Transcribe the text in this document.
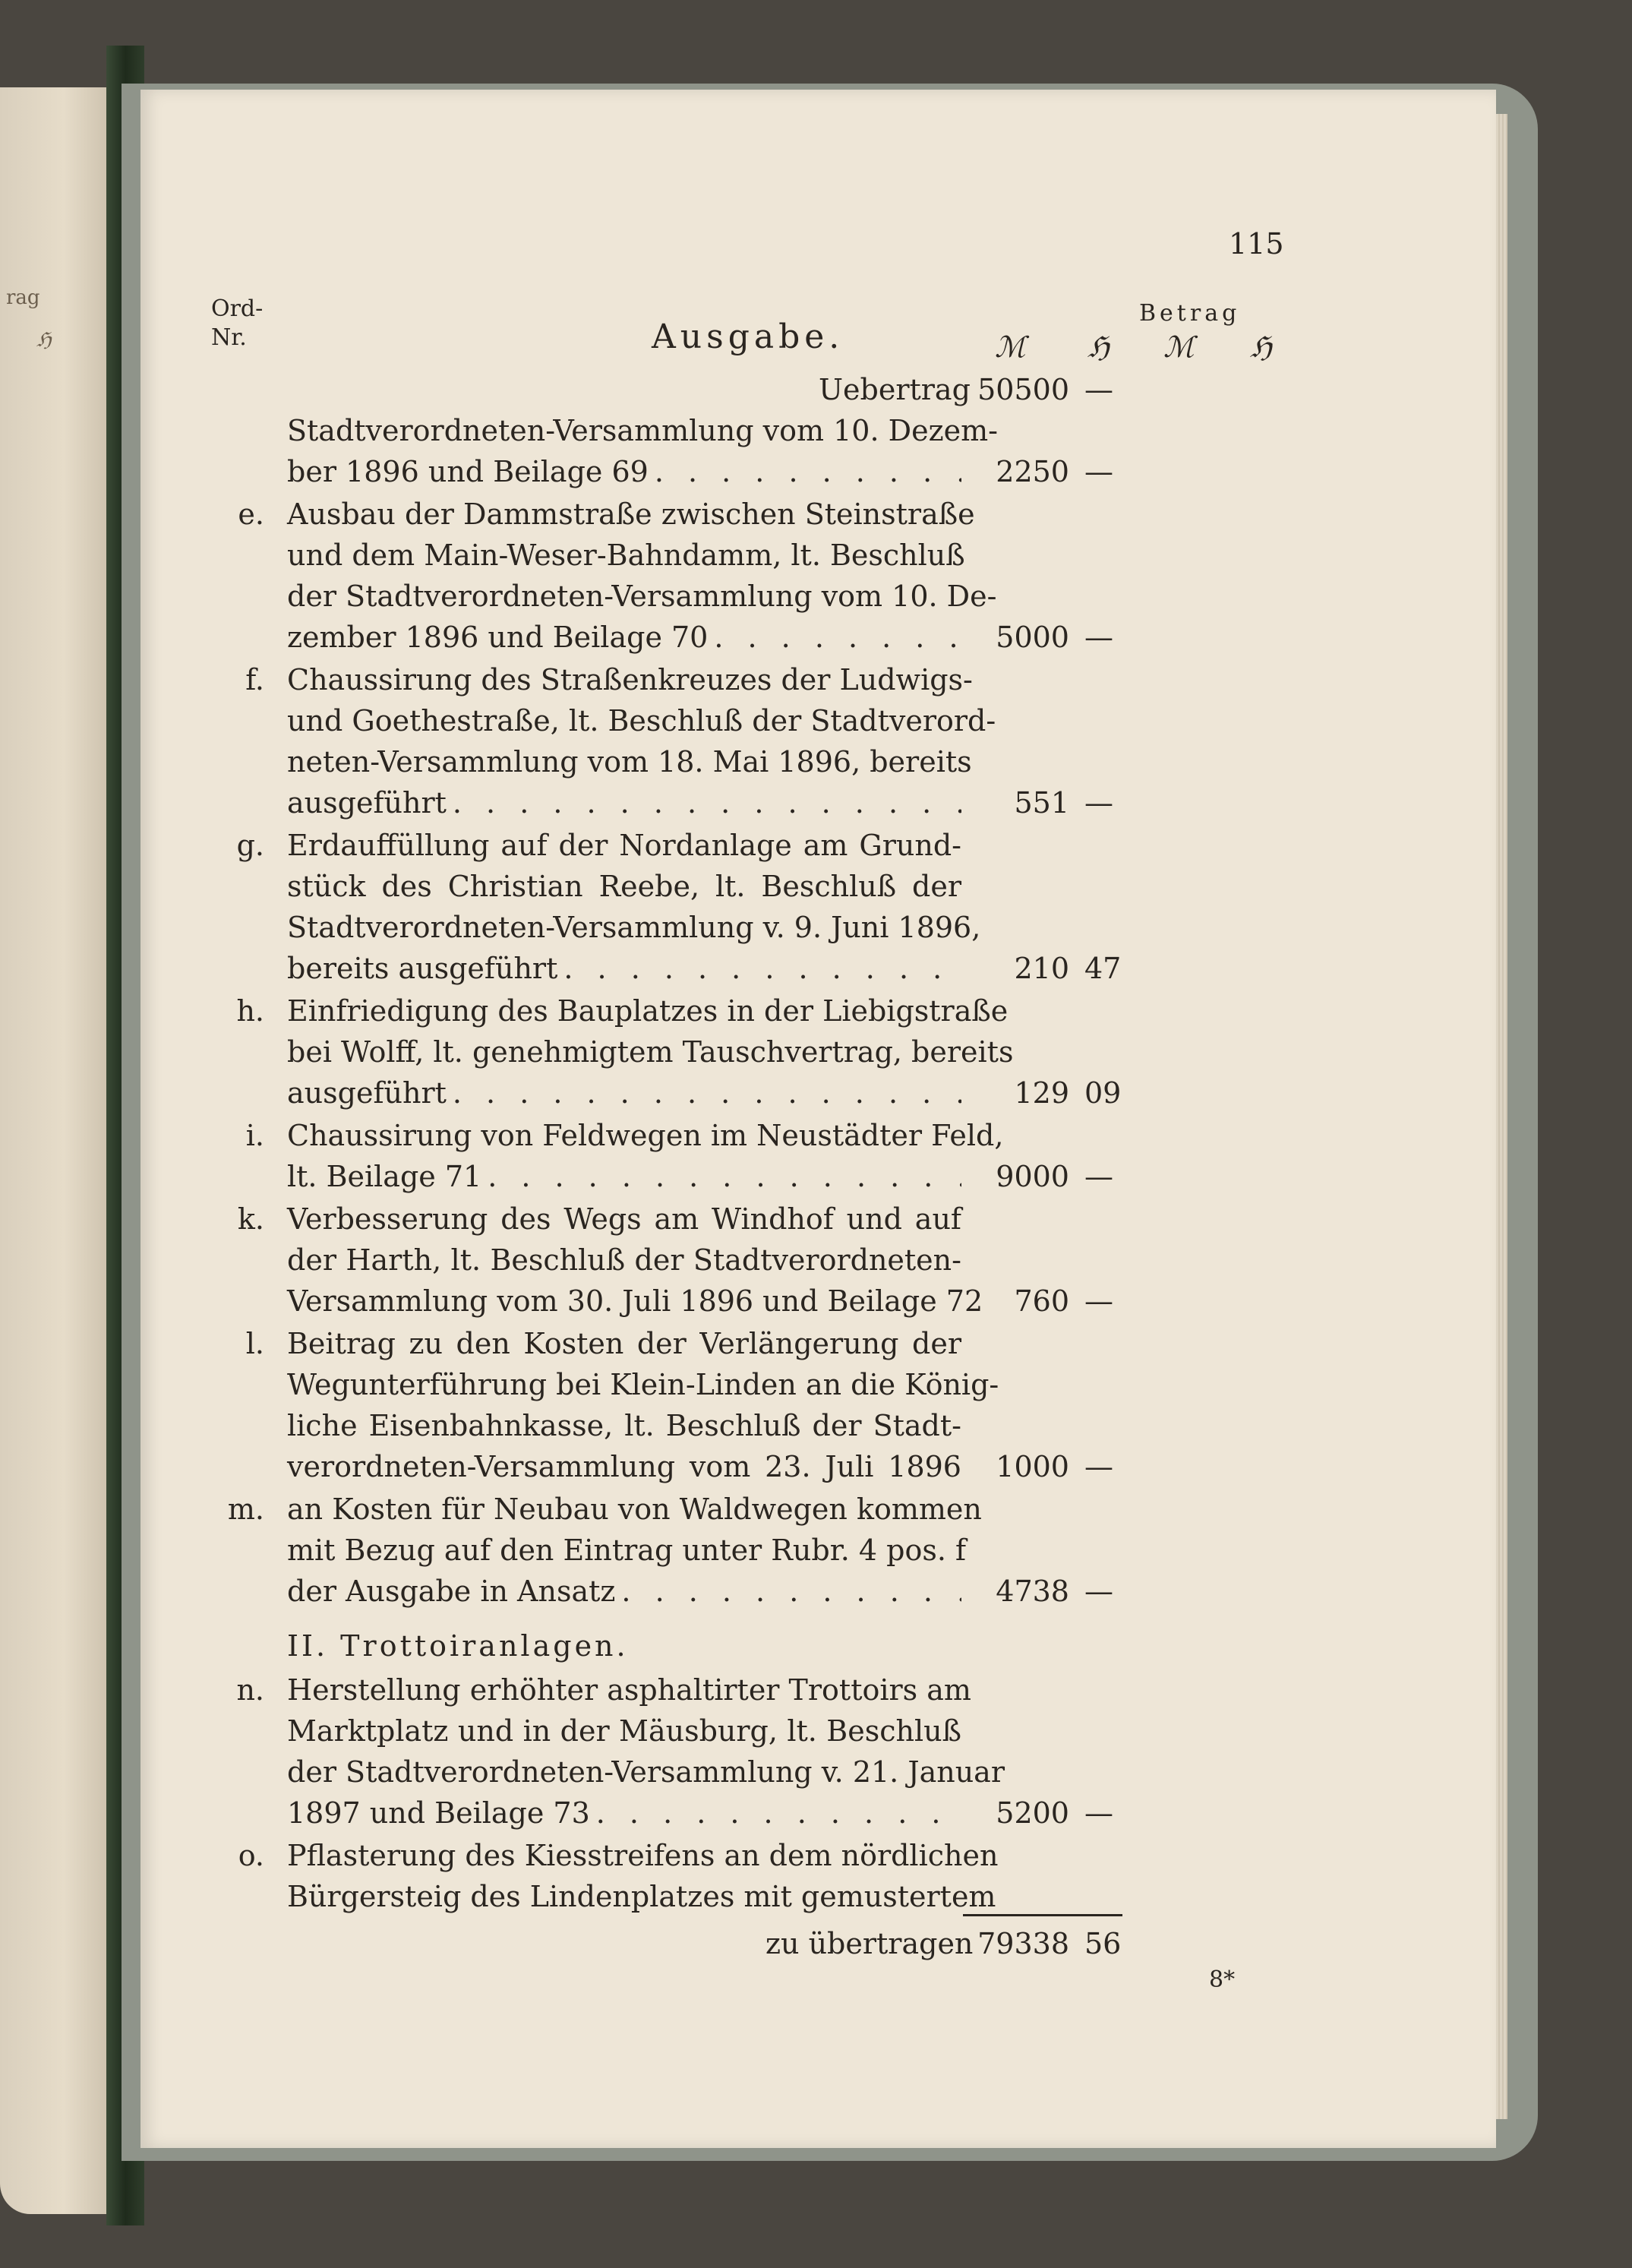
rag
ℌ
115
Ord-
Nr.	Ausgabe.	ℳ ℌ
Betrag
ℳ ℌ
Uebertrag 50500 —
Stadtverordneten-Versammlung vom 10. Dezem-
ber 1896 und Beilage 69 . . .	2250 —
e. Ausbau der Dammstraße zwischen Steinstraße
und dem Main-Weser-Bahndamm, lt. Beschluß
der Stadtverordneten-Versammlung vom 10. De-
zember 1896 und Beilage 70 . . .	5000 —
f. Chaussirung des Straßenkreuzes der Ludwigs-
und Goethestraße, lt. Beschluß der Stadtverord-
neten-Versammlung vom 18. Mai 1896, bereits
ausgeführt . . .	551 —
g. Erdauffüllung auf der Nordanlage am Grund-
stück des Christian Reebe, lt. Beschluß der
Stadtverordneten-Versammlung v. 9. Juni 1896,
bereits ausgeführt . . .	210 47
h. Einfriedigung des Bauplatzes in der Liebigstraße
bei Wolff, lt. genehmigtem Tauschvertrag, bereits
ausgeführt . . .	129 09
i. Chaussirung von Feldwegen im Neustädter Feld,
lt. Beilage 71 . . .	9000 —
k. Verbesserung des Wegs am Windhof und auf
der Harth, lt. Beschluß der Stadtverordneten-
Versammlung vom 30. Juli 1896 und Beilage 72	760 —
l. Beitrag zu den Kosten der Verlängerung der
Wegunterführung bei Klein-Linden an die König-
liche Eisenbahnkasse, lt. Beschluß der Stadt-
verordneten-Versammlung vom 23. Juli 1896	1000 —
m. an Kosten für Neubau von Waldwegen kommen
mit Bezug auf den Eintrag unter Rubr. 4 pos. f
der Ausgabe in Ansatz . . .	4738 —
II. Trottoiranlagen.
n. Herstellung erhöhter asphaltirter Trottoirs am
Marktplatz und in der Mäusburg, lt. Beschluß
der Stadtverordneten-Versammlung v. 21. Januar
1897 und Beilage 73 . . .	5200 —
o. Pflasterung des Kiesstreifens an dem nördlichen
Bürgersteig des Lindenplatzes mit gemustertem
zu übertragen 79338 56
8*
